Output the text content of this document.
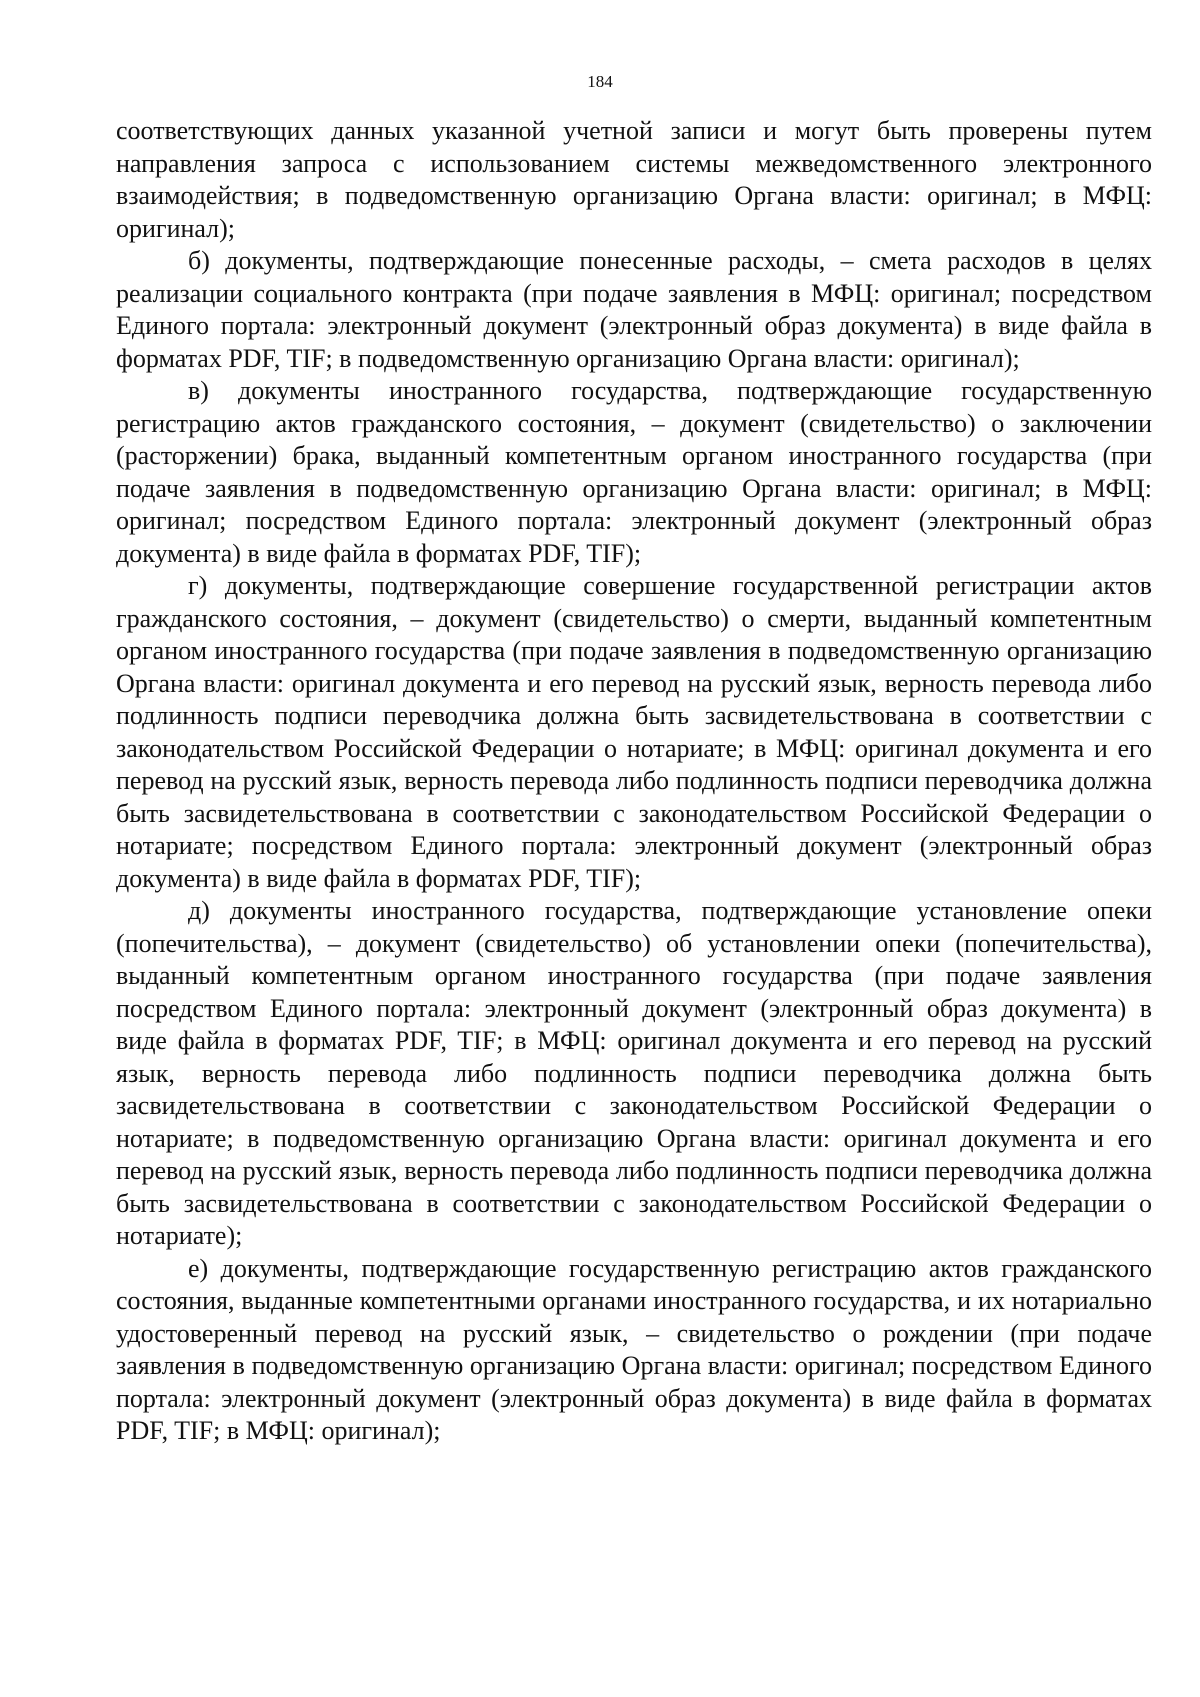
184

соответствующих данных указанной учетной записи и могут быть проверены путем направления запроса с использованием системы межведомственного электронного взаимодействия; в подведомственную организацию Органа власти: оригинал; в МФЦ: оригинал);

б) документы, подтверждающие понесенные расходы, – смета расходов в целях реализации социального контракта (при подаче заявления в МФЦ: оригинал; посредством Единого портала: электронный документ (электронный образ документа) в виде файла в форматах PDF, TIF; в подведомственную организацию Органа власти: оригинал);

в) документы иностранного государства, подтверждающие государственную регистрацию актов гражданского состояния, – документ (свидетельство) о заключении (расторжении) брака, выданный компетентным органом иностранного государства (при подаче заявления в подведомственную организацию Органа власти: оригинал; в МФЦ: оригинал; посредством Единого портала: электронный документ (электронный образ документа) в виде файла в форматах PDF, TIF);

г) документы, подтверждающие совершение государственной регистрации актов гражданского состояния, – документ (свидетельство) о смерти, выданный компетентным органом иностранного государства (при подаче заявления в подведомственную организацию Органа власти: оригинал документа и его перевод на русский язык, верность перевода либо подлинность подписи переводчика должна быть засвидетельствована в соответствии с законодательством Российской Федерации о нотариате; в МФЦ: оригинал документа и его перевод на русский язык, верность перевода либо подлинность подписи переводчика должна быть засвидетельствована в соответствии с законодательством Российской Федерации о нотариате; посредством Единого портала: электронный документ (электронный образ документа) в виде файла в форматах PDF, TIF);

д) документы иностранного государства, подтверждающие установление опеки (попечительства), – документ (свидетельство) об установлении опеки (попечительства), выданный компетентным органом иностранного государства (при подаче заявления посредством Единого портала: электронный документ (электронный образ документа) в виде файла в форматах PDF, TIF; в МФЦ: оригинал документа и его перевод на русский язык, верность перевода либо подлинность подписи переводчика должна быть засвидетельствована в соответствии с законодательством Российской Федерации о нотариате; в подведомственную организацию Органа власти: оригинал документа и его перевод на русский язык, верность перевода либо подлинность подписи переводчика должна быть засвидетельствована в соответствии с законодательством Российской Федерации о нотариате);

е) документы, подтверждающие государственную регистрацию актов гражданского состояния, выданные компетентными органами иностранного государства, и их нотариально удостоверенный перевод на русский язык, – свидетельство о рождении (при подаче заявления в подведомственную организацию Органа власти: оригинал; посредством Единого портала: электронный документ (электронный образ документа) в виде файла в форматах PDF, TIF; в МФЦ: оригинал);
